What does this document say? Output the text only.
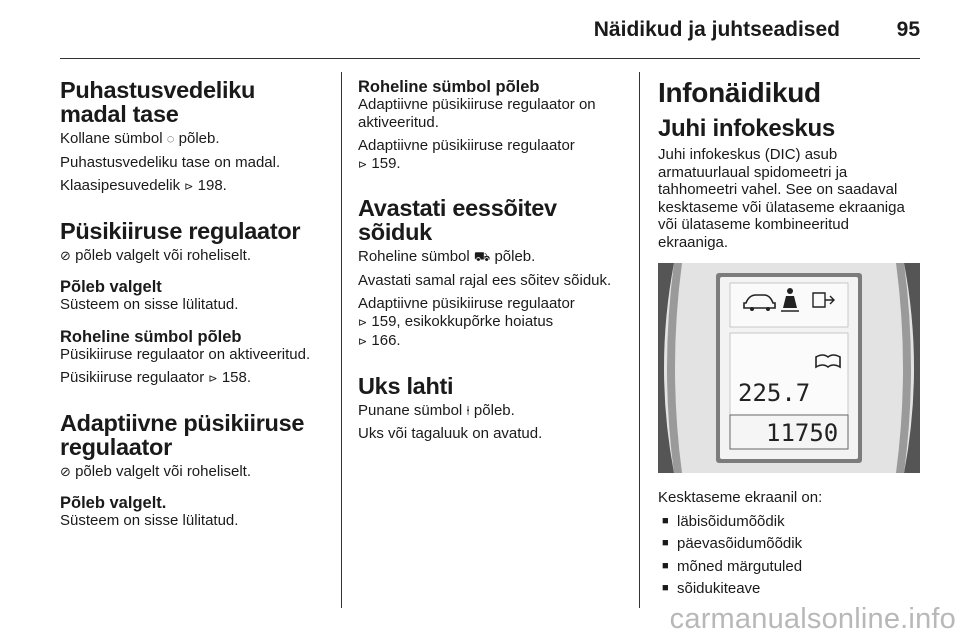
Näidikud ja juhtseadised	95
Puhastusvedeliku madal tase

Kollane sümbol ◌ põleb.

Puhastusvedeliku tase on madal.

Klaasipesuvedelik ⊳ 198.

Püsikiiruse regulaator

⊘ põleb valgelt või roheliselt.

Põleb valgelt

Süsteem on sisse lülitatud.

Roheline sümbol põleb

Püsikiiruse regulaator on aktiveeritud.

Püsikiiruse regulaator ⊳ 158.

Adaptiivne püsikiiruse regulaator

⊘ põleb valgelt või roheliselt.

Põleb valgelt.

Süsteem on sisse lülitatud.

Roheline sümbol põleb

Adaptiivne püsikiiruse regulaator on aktiveeritud.

Adaptiivne püsikiiruse regulaator
⊳ 159.

Avastati eessõitev sõiduk

Roheline sümbol ⛟ põleb.

Avastati samal rajal ees sõitev sõiduk.

Adaptiivne püsikiiruse regulaator
⊳ 159, esikokkupõrke hoiatus
⊳ 166.

Uks lahti

Punane sümbol ⍿ põleb.

Uks või tagaluuk on avatud.

Infonäidikud
Juhi infokeskus

Juhi infokeskus (DIC) asub armatuurlaual spidomeetri ja tahhomeetri vahel. See on saadaval kesktaseme või ülataseme ekraaniga või ülataseme kombineeritud ekraaniga.

225.7
11750

Kesktaseme ekraanil on:

■ läbisõidumõõdik
■ päevasõidumõõdik
■ mõned märgutuled
■ sõidukiteave
carmanualsonline.info
